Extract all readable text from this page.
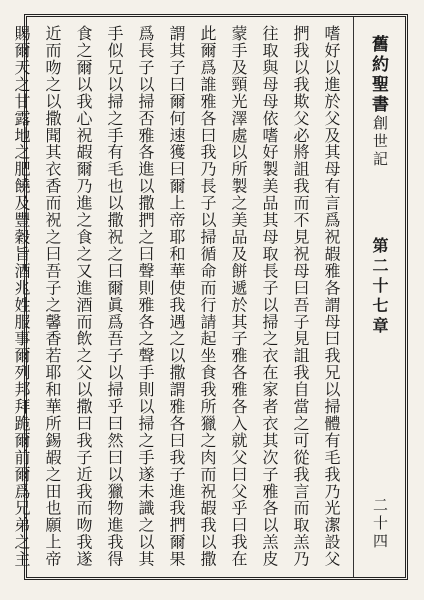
舊約聖書
創世記
第二十七章
二十四

嗜好以進於父及其母有言爲祝嘏雅各謂母曰我兄以掃體有毛我乃光潔設父捫我以我欺父必將詛我而不見祝母曰吾子見詛我自當之可從我言而取羔乃往取與母母依嗜好製美品其母取長子以掃之衣在家者衣其次子雅各以羔皮蒙手及頸光澤處以所製之美品及餅遞於其子雅各雅各入就父曰父乎曰我在此爾爲誰雅各曰我乃長子以掃循命而行請起坐食我所獵之肉而祝嘏我以撒謂其子曰爾何速獲曰爾上帝耶和華使我遇之以撒謂雅各曰我子進我捫爾果爲長子以掃否雅各進以撒捫之曰聲則雅各之聲手則以掃之手遂未識之以其手似兄以掃之手有毛也以撒祝之曰爾眞爲吾子以掃乎曰然曰以獵物進我得食之爾以我心祝嘏爾乃進之食之又進酒而飲之父以撒曰我子近我而吻我遂近而吻之以撒聞其衣香而祝之曰吾子之馨香若耶和華所錫嘏之田也願上帝賜爾天之甘露地之肥饒及豐穀旨酒兆姓服事爾列邦拜跪爾前爾爲兄弟之主
